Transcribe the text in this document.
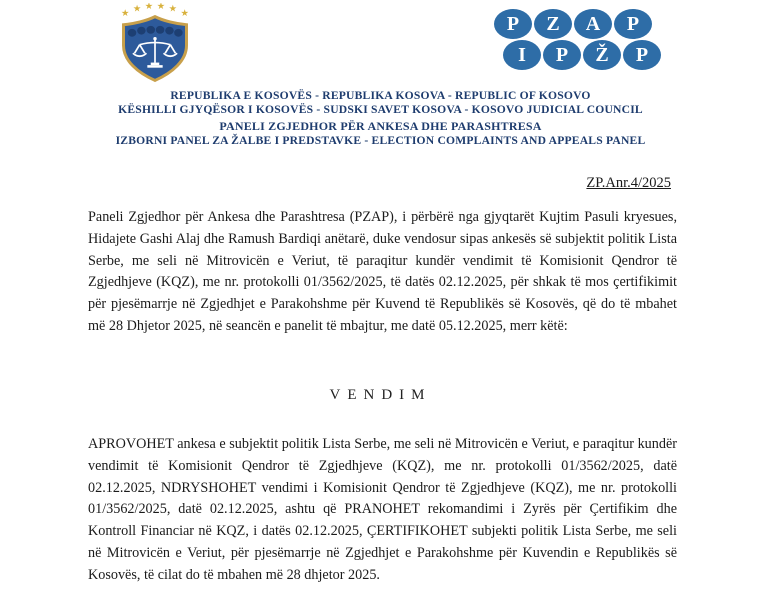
★ ★ ★ ★ ★ ★	P	Z	A	P
I	P	Ž	P
REPUBLIKA E KOSOVËS - REPUBLIKA KOSOVA - REPUBLIC OF KOSOVO
KËSHILLI GJYQËSOR I KOSOVËS - SUDSKI SAVET KOSOVA - KOSOVO JUDICIAL COUNCIL
PANELI ZGJEDHOR PËR ANKESA DHE PARASHTRESA
IZBORNI PANEL ZA ŽALBE I PREDSTAVKE - ELECTION COMPLAINTS AND APPEALS PANEL
ZP.Anr.4/2025
Paneli Zgjedhor për Ankesa dhe Parashtresa (PZAP), i përbërë nga gjyqtarët Kujtim Pasuli kryesues, Hidajete Gashi Alaj dhe Ramush Bardiqi anëtarë, duke vendosur sipas ankesës së subjektit politik Lista Serbe, me seli në Mitrovicën e Veriut, të paraqitur kundër vendimit të Komisionit Qendror të Zgjedhjeve (KQZ), me nr. protokolli 01/3562/2025, të datës 02.12.2025, për shkak të mos çertifikimit për pjesëmarrje në Zgjedhjet e Parakohshme për Kuvend të Republikës së Kosovës, që do të mbahet më 28 Dhjetor 2025, në seancën e panelit të mbajtur, me datë 05.12.2025, merr këtë:
VENDIM
APROVOHET ankesa e subjektit politik Lista Serbe, me seli në Mitrovicën e Veriut, e paraqitur kundër vendimit të Komisionit Qendror të Zgjedhjeve (KQZ), me nr. protokolli 01/3562/2025, datë 02.12.2025, NDRYSHOHET vendimi i Komisionit Qendror të Zgjedhjeve (KQZ), me nr. protokolli 01/3562/2025, datë 02.12.2025, ashtu që PRANOHET rekomandimi i Zyrës për Çertifikim dhe Kontroll Financiar në KQZ, i datës 02.12.2025, ÇERTIFIKOHET subjekti politik Lista Serbe, me seli në Mitrovicën e Veriut, për pjesëmarrje në Zgjedhjet e Parakohshme për Kuvendin e Republikës së Kosovës, të cilat do të mbahen më 28 dhjetor 2025.
